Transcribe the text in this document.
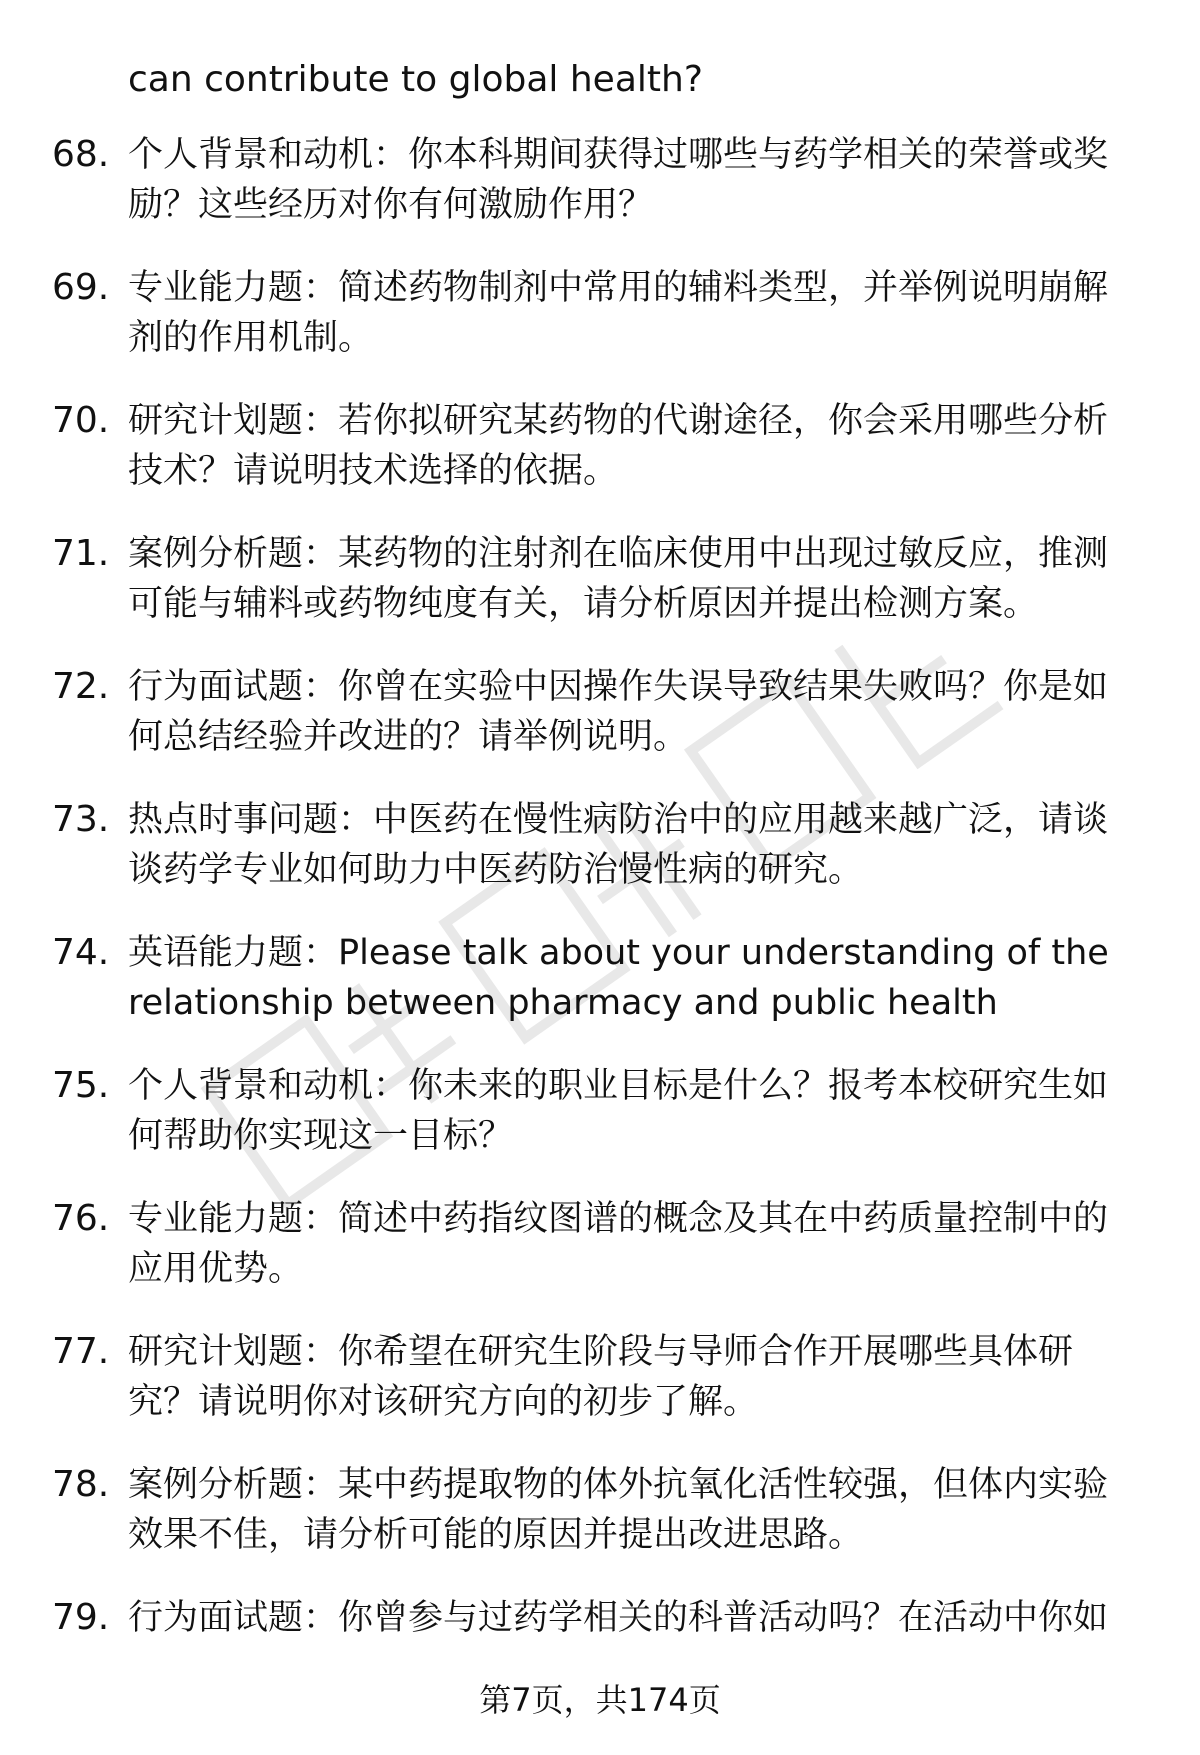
can contribute to global health?
68. 个人背景和动机：你本科期间获得过哪些与药学相关的荣誉或奖
励？这些经历对你有何激励作用？
69. 专业能力题：简述药物制剂中常用的辅料类型，并举例说明崩解
剂的作用机制。
70. 研究计划题：若你拟研究某药物的代谢途径，你会采用哪些分析
技术？请说明技术选择的依据。
71. 案例分析题：某药物的注射剂在临床使用中出现过敏反应，推测
可能与辅料或药物纯度有关，请分析原因并提出检测方案。
72. 行为面试题：你曾在实验中因操作失误导致结果失败吗？你是如
何总结经验并改进的？请举例说明。
73. 热点时事问题：中医药在慢性病防治中的应用越来越广泛，请谈
谈药学专业如何助力中医药防治慢性病的研究。
74. 英语能力题：Please talk about your understanding of the
relationship between pharmacy and public health
75. 个人背景和动机：你未来的职业目标是什么？报考本校研究生如
何帮助你实现这一目标？
76. 专业能力题：简述中药指纹图谱的概念及其在中药质量控制中的
应用优势。
77. 研究计划题：你希望在研究生阶段与导师合作开展哪些具体研
究？请说明你对该研究方向的初步了解。
78. 案例分析题：某中药提取物的体外抗氧化活性较强，但体内实验
效果不佳，请分析可能的原因并提出改进思路。
79. 行为面试题：你曾参与过药学相关的科普活动吗？在活动中你如
第7页，共174页
